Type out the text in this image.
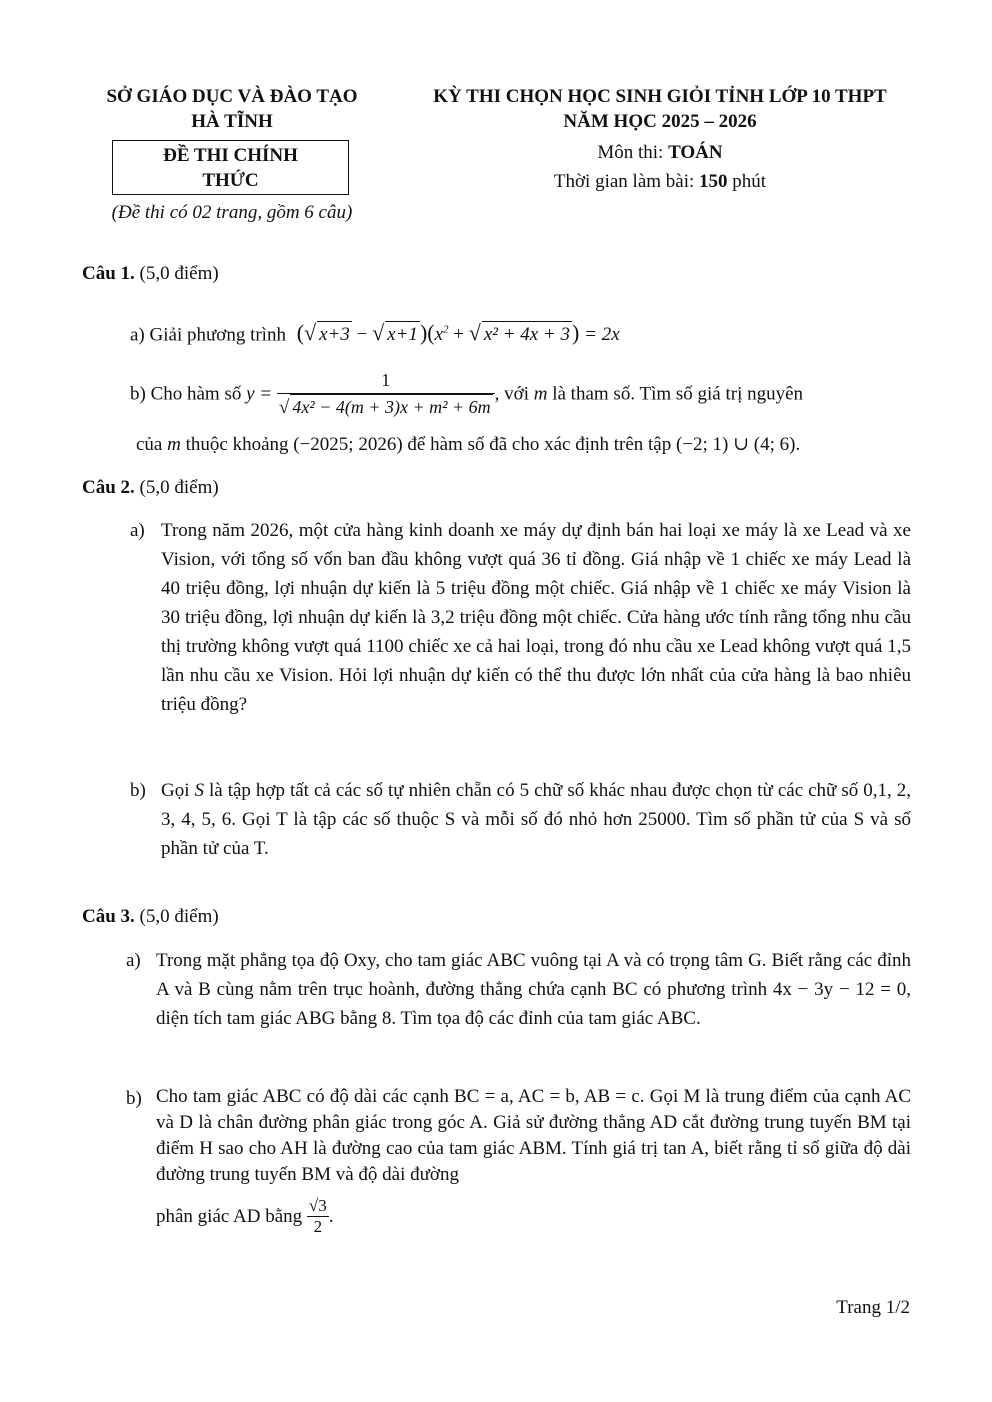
SỞ GIÁO DỤC VÀ ĐÀO TẠO
HÀ TĨNH
KỲ THI CHỌN HỌC SINH GIỎI TỈNH LỚP 10 THPT
NĂM HỌC 2025 – 2026
ĐỀ THI CHÍNH
THỨC
Môn thi: TOÁN
Thời gian làm bài: 150 phút
(Đề thi có 02 trang, gồm 6 câu)
Câu 1. (5,0 điểm)
a) Giải phương trình (√ x+3 − √ $x+1)(x^2$ + √ x² + 4x + 3) = 2x
b) Cho hàm số $y = \frac{1}{\text{√ 4x² − 4(m + 3)x + m² + 6m}}$ , với m là tham số. Tìm số giá trị nguyên
của m thuộc khoảng (−2025; 2026) để hàm số đã cho xác định trên tập (−2; 1) ∪ (4; 6).
Câu 2. (5,0 điểm)
a) Trong năm 2026, một cửa hàng kinh doanh xe máy dự định bán hai loại xe máy là xe Lead và xe Vision, với tổng số vốn ban đầu không vượt quá 36 tỉ đồng. Giá nhập về 1 chiếc xe máy Lead là 40 triệu đồng, lợi nhuận dự kiến là 5 triệu đồng một chiếc. Giá nhập về 1 chiếc xe máy Vision là 30 triệu đồng, lợi nhuận dự kiến là 3,2 triệu đồng một chiếc. Cửa hàng ước tính rằng tổng nhu cầu thị trường không vượt quá 1100 chiếc xe cả hai loại, trong đó nhu cầu xe Lead không vượt quá 1,5 lần nhu cầu xe Vision. Hỏi lợi nhuận dự kiến có thể thu được lớn nhất của cửa hàng là bao nhiêu triệu đồng?
b) Gọi S là tập hợp tất cả các số tự nhiên chẵn có 5 chữ số khác nhau được chọn từ các chữ số 0,1, 2, 3, 4, 5, 6. Gọi T là tập các số thuộc S và mỗi số đó nhỏ hơn 25000. Tìm số phần tử của S và số phần tử của T.
Câu 3. (5,0 điểm)
a) Trong mặt phẳng tọa độ Oxy, cho tam giác ABC vuông tại A và có trọng tâm G. Biết rằng các đỉnh A và B cùng nằm trên trục hoành, đường thẳng chứa cạnh BC có phương trình 4x − 3y − 12 = 0, diện tích tam giác ABG bằng 8. Tìm tọa độ các đỉnh của tam giác ABC.
b) Cho tam giác ABC có độ dài các cạnh BC = a, AC = b, AB = c. Gọi M là trung điểm của cạnh AC và D là chân đường phân giác trong góc A. Giả sử đường thẳng AD cắt đường trung tuyến BM tại điểm H sao cho AH là đường cao của tam giác ABM. Tính giá trị tan A, biết rằng tỉ số giữa độ dài đường trung tuyến BM và độ dài đường
phân giác AD bằng $\frac{√3}{2}$ .
Trang 1/2
